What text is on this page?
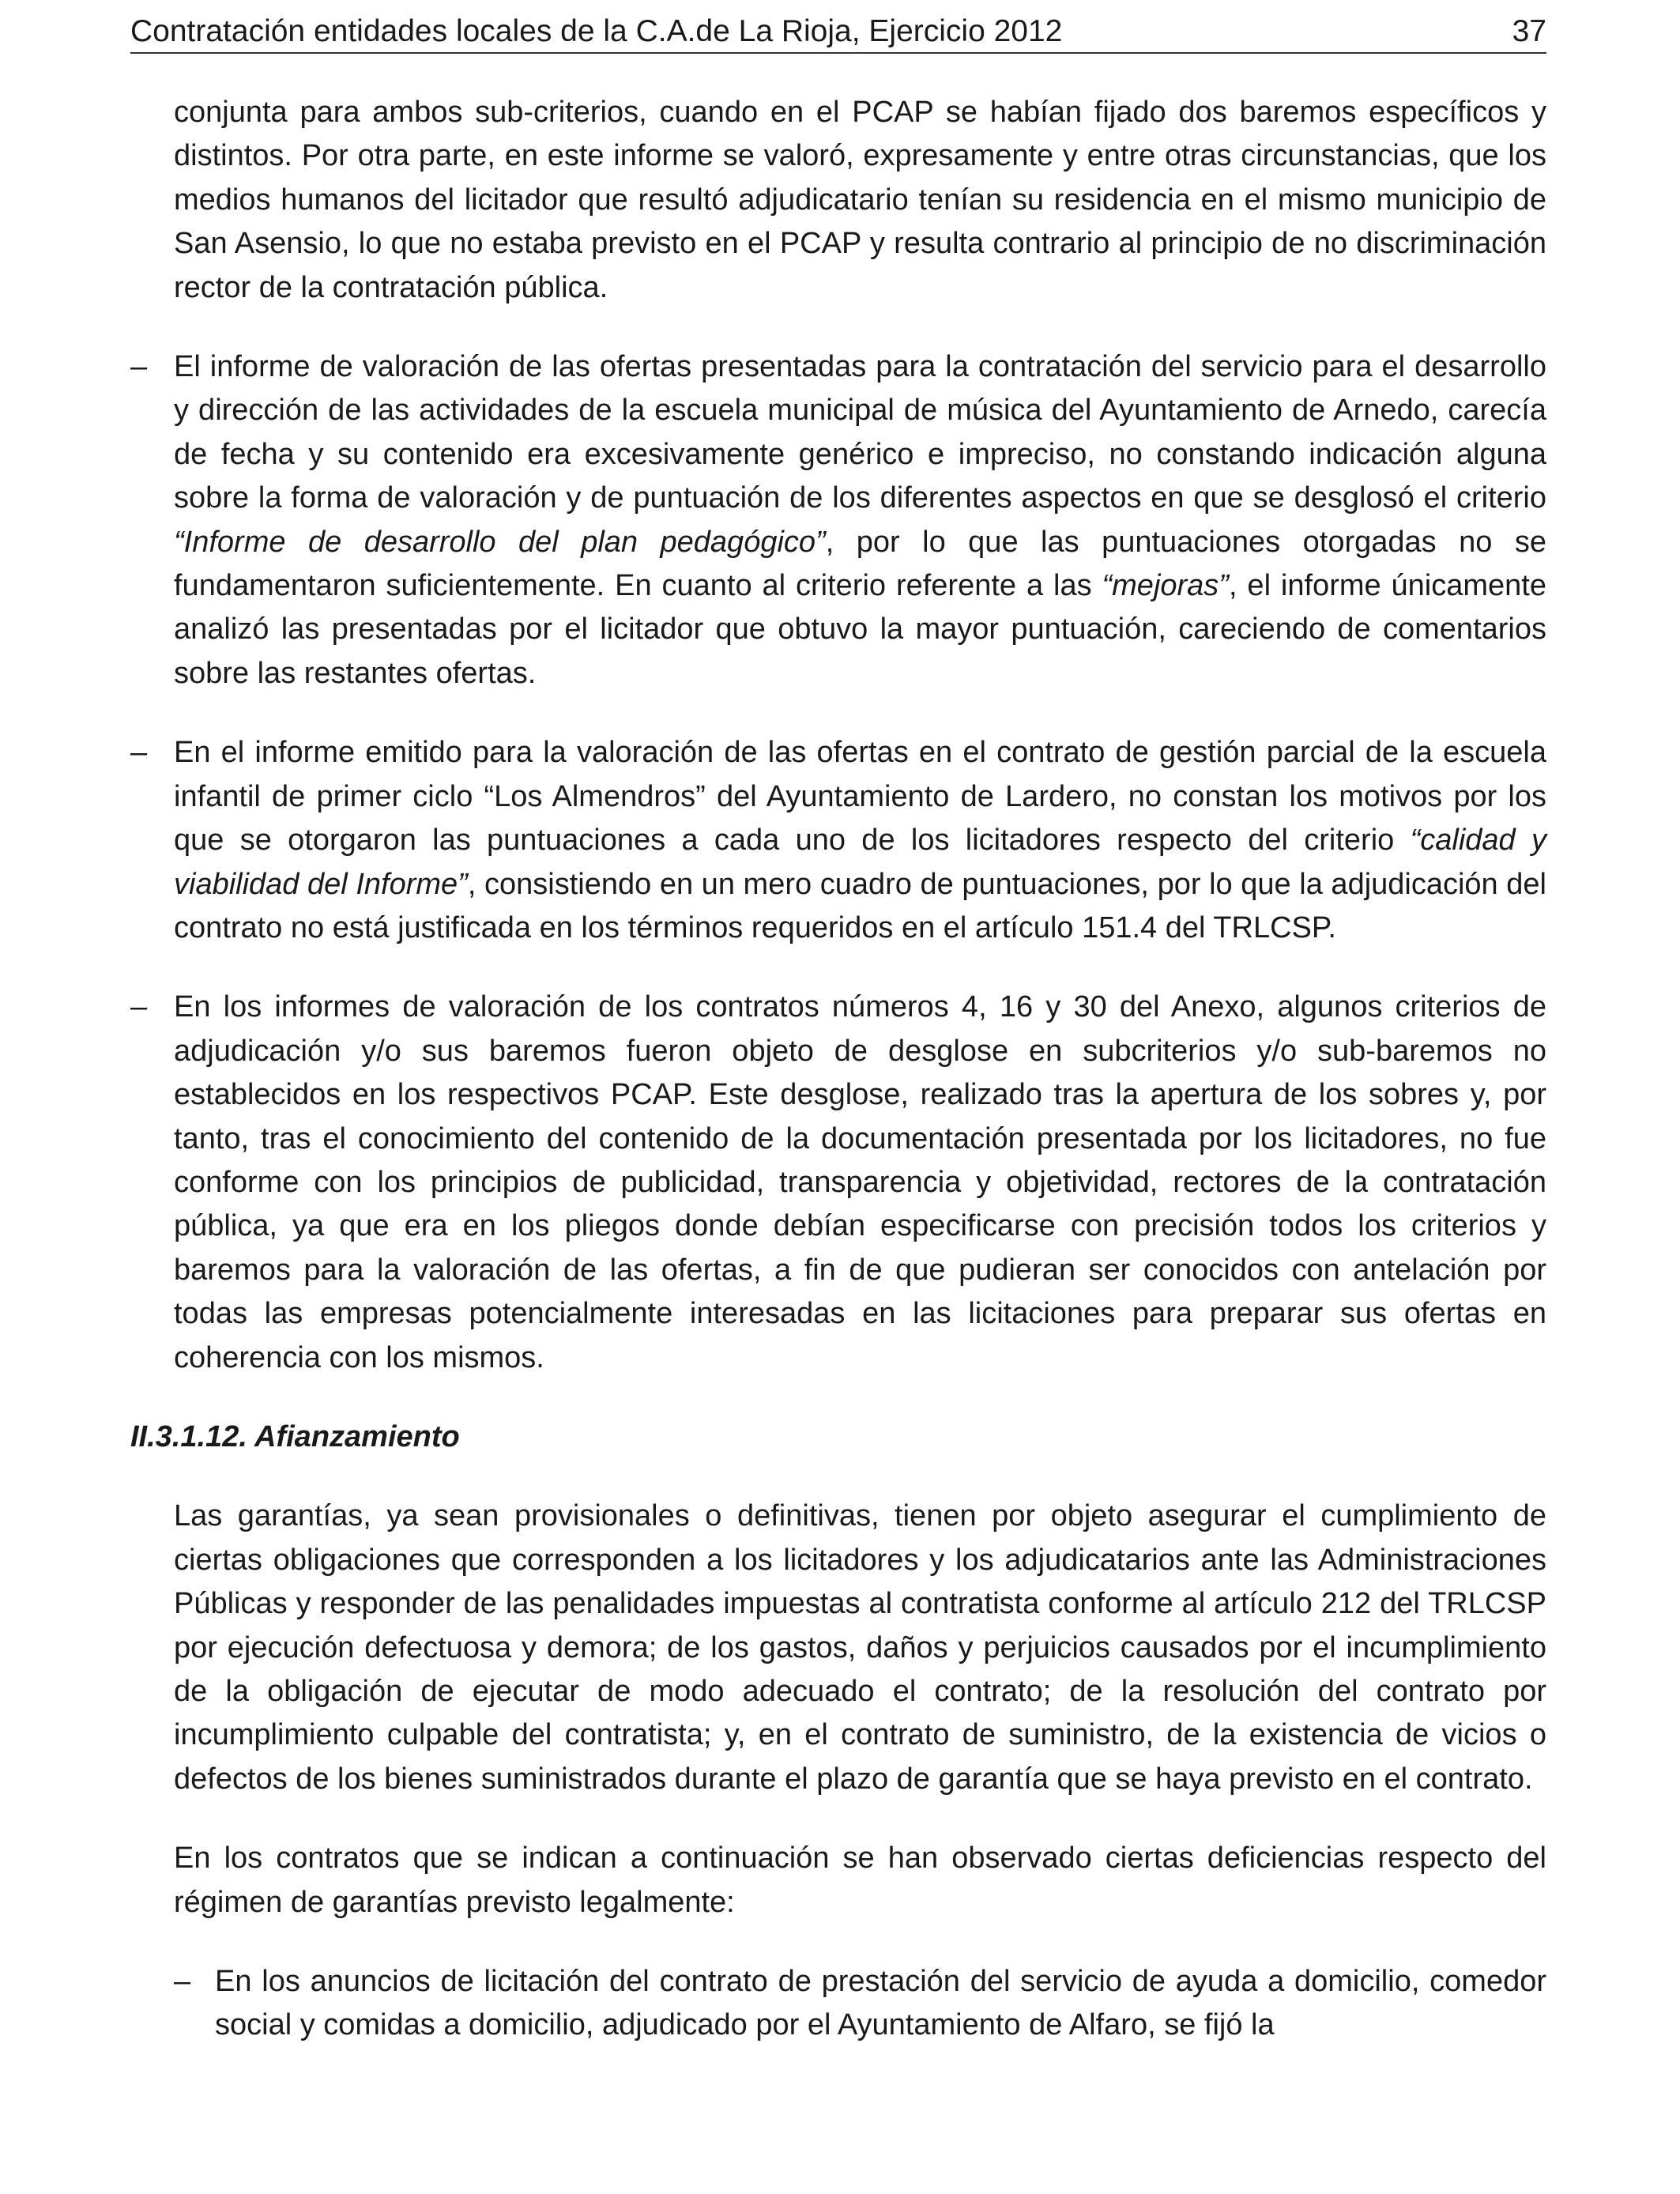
Contratación entidades locales de la C.A.de La Rioja, Ejercicio 2012	37

conjunta para ambos sub-criterios, cuando en el PCAP se habían fijado dos baremos específicos y distintos. Por otra parte, en este informe se valoró, expresamente y entre otras circunstancias, que los medios humanos del licitador que resultó adjudicatario tenían su residencia en el mismo municipio de San Asensio, lo que no estaba previsto en el PCAP y resulta contrario al principio de no discriminación rector de la contratación pública.

– El informe de valoración de las ofertas presentadas para la contratación del servicio para el desarrollo y dirección de las actividades de la escuela municipal de música del Ayuntamiento de Arnedo, carecía de fecha y su contenido era excesivamente genérico e impreciso, no constando indicación alguna sobre la forma de valoración y de puntuación de los diferentes aspectos en que se desglosó el criterio “Informe de desarrollo del plan pedagógico”, por lo que las puntuaciones otorgadas no se fundamentaron suficientemente. En cuanto al criterio referente a las “mejoras”, el informe únicamente analizó las presentadas por el licitador que obtuvo la mayor puntuación, careciendo de comentarios sobre las restantes ofertas.

– En el informe emitido para la valoración de las ofertas en el contrato de gestión parcial de la escuela infantil de primer ciclo “Los Almendros” del Ayuntamiento de Lardero, no constan los motivos por los que se otorgaron las puntuaciones a cada uno de los licitadores respecto del criterio “calidad y viabilidad del Informe”, consistiendo en un mero cuadro de puntuaciones, por lo que la adjudicación del contrato no está justificada en los términos requeridos en el artículo 151.4 del TRLCSP.

– En los informes de valoración de los contratos números 4, 16 y 30 del Anexo, algunos criterios de adjudicación y/o sus baremos fueron objeto de desglose en subcriterios y/o sub-baremos no establecidos en los respectivos PCAP. Este desglose, realizado tras la apertura de los sobres y, por tanto, tras el conocimiento del contenido de la documentación presentada por los licitadores, no fue conforme con los principios de publicidad, transparencia y objetividad, rectores de la contratación pública, ya que era en los pliegos donde debían especificarse con precisión todos los criterios y baremos para la valoración de las ofertas, a fin de que pudieran ser conocidos con antelación por todas las empresas potencialmente interesadas en las licitaciones para preparar sus ofertas en coherencia con los mismos.

II.3.1.12. Afianzamiento

Las garantías, ya sean provisionales o definitivas, tienen por objeto asegurar el cumplimiento de ciertas obligaciones que corresponden a los licitadores y los adjudicatarios ante las Administraciones Públicas y responder de las penalidades impuestas al contratista conforme al artículo 212 del TRLCSP por ejecución defectuosa y demora; de los gastos, daños y perjuicios causados por el incumplimiento de la obligación de ejecutar de modo adecuado el contrato; de la resolución del contrato por incumplimiento culpable del contratista; y, en el contrato de suministro, de la existencia de vicios o defectos de los bienes suministrados durante el plazo de garantía que se haya previsto en el contrato.

En los contratos que se indican a continuación se han observado ciertas deficiencias respecto del régimen de garantías previsto legalmente:

– En los anuncios de licitación del contrato de prestación del servicio de ayuda a domicilio, comedor social y comidas a domicilio, adjudicado por el Ayuntamiento de Alfaro, se fijó la
